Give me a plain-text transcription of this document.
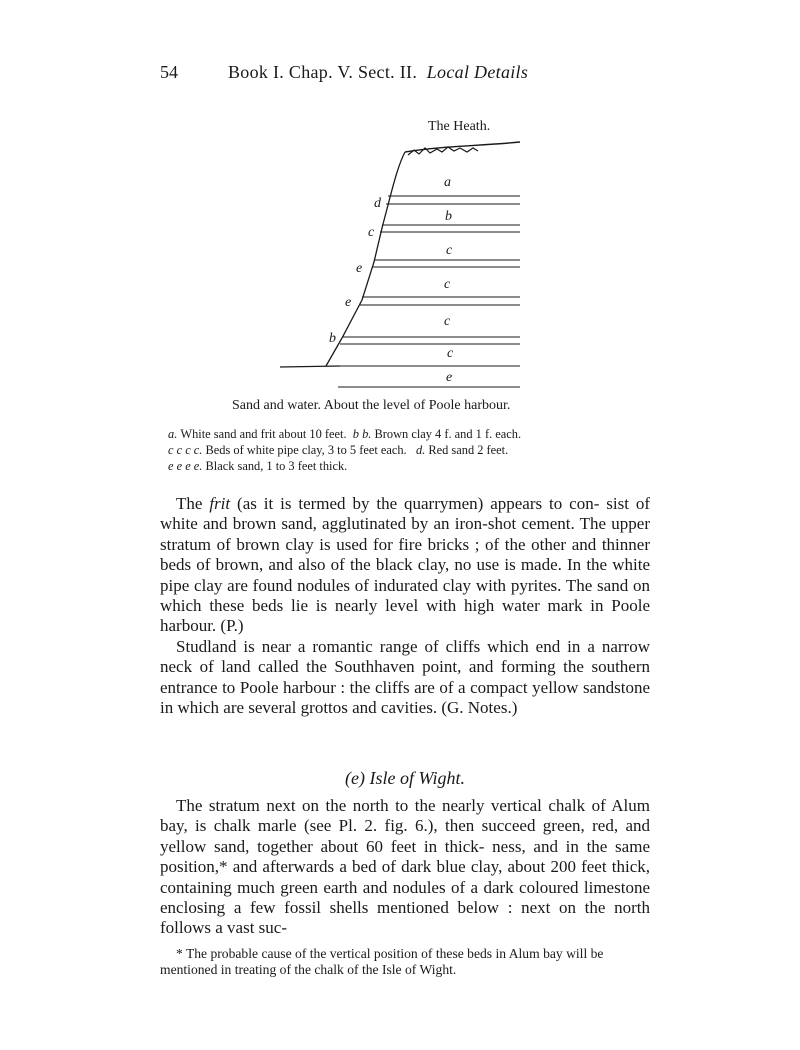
54	Book I. Chap. V. Sect. II. Local Details
The Heath.
a
b
c
c
c
c
e
d
c
e
e
b
Sand and water. About the level of Poole harbour.
a.
White sand and frit about 10 feet.
b b.
Brown clay 4 f. and 1 f. each.
c c c c.
Beds of white pipe clay, 3 to 5 feet each.
d.
Red sand 2 feet.
e e e e.
Black sand, 1 to 3 feet thick.
The frit (as it is termed by the quarrymen) appears to con- sist of white and brown sand, agglutinated by an iron-shot cement. The upper stratum of brown clay is used for fire bricks ; of the other and thinner beds of brown, and also of the black clay, no use is made. In the white pipe clay are found nodules of indurated clay with pyrites. The sand on which these beds lie is nearly level with high water mark in Poole harbour. (P.)
Studland is near a romantic range of cliffs which end in a narrow neck of land called the Southhaven point, and forming the southern entrance to Poole harbour : the cliffs are of a compact yellow sandstone in which are several grottos and cavities. (G. Notes.)
(e) Isle of Wight.
The stratum next on the north to the nearly vertical chalk of Alum bay, is chalk marle (see Pl. 2. fig. 6.), then succeed green, red, and yellow sand, together about 60 feet in thick- ness, and in the same position,* and afterwards a bed of dark blue clay, about 200 feet thick, containing much green earth and nodules of a dark coloured limestone enclosing a few fossil shells mentioned below : next on the north follows a vast suc-
* The probable cause of the vertical position of these beds in Alum bay will be mentioned in treating of the chalk of the Isle of Wight.
